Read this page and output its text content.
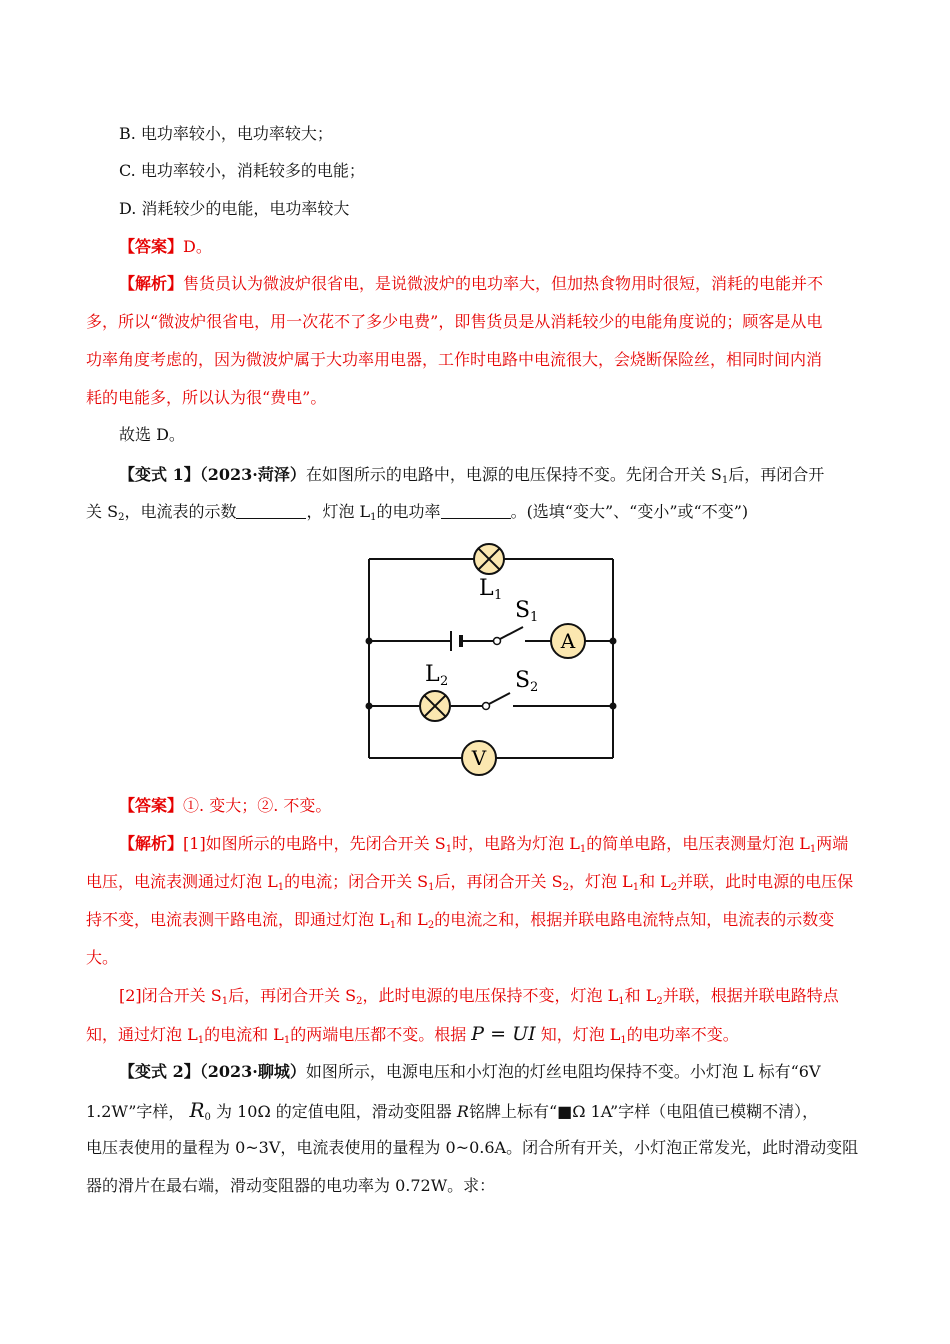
B. 电功率较小，电功率较大；
C. 电功率较小，消耗较多的电能；
D. 消耗较少的电能，电功率较大
【答案】D。
【解析】售货员认为微波炉很省电，是说微波炉的电功率大，但加热食物用时很短，消耗的电能并不
多，所以“微波炉很省电，用一次花不了多少电费”，即售货员是从消耗较少的电能角度说的；顾客是从电
功率角度考虑的，因为微波炉属于大功率用电器，工作时电路中电流很大，会烧断保险丝，相同时间内消
耗的电能多，所以认为很“费电”。
故选 D。
【变式 1】（2023·菏泽）在如图所示的电路中，电源的电压保持不变。先闭合开关 $S_1$后，再闭合开
关 $S_2$，电流表的示数	，灯泡 $L_1$的电功率	。(选填“变大”、“变小”或“不变”)
A
V
L 1
S 1
L 2	S 2
【答案】①. 变大；②. 不变。
【解析】[1]如图所示的电路中，先闭合开关 $S_1$时，电路为灯泡 $L_1$的简单电路，电压表测量灯泡 $L_1$两端
电压，电流表测通过灯泡 $L_1$的电流；闭合开关 $S_1$后，再闭合开关 $S_2$，灯泡 $L_1$和 $L_2$并联，此时电源的电压保
持不变，电流表测干路电流，即通过灯泡 $L_1$和 $L_2$的电流之和，根据并联电路电流特点知，电流表的示数变
大。
[2]闭合开关 $S_1$后，再闭合开关 $S_2$，此时电源的电压保持不变，灯泡 $L_1$和 $L_2$并联，根据并联电路特点
知，通过灯泡 $L_1$的电流和 $L_1$的两端电压都不变。根据 P = UI 知，灯泡 $L_1$的电功率不变。
【变式 2】（2023·聊城）如图所示，电源电压和小灯泡的灯丝电阻均保持不变。小灯泡 L 标有“6V
1.2W”字样， $R_0$ 为 10Ω 的定值电阻，滑动变阻器 R铭牌上标有“■Ω 1A”字样（电阻值已模糊不清），
电压表使用的量程为 0~3V，电流表使用的量程为 0~0.6A。闭合所有开关，小灯泡正常发光，此时滑动变阻
器的滑片在最右端，滑动变阻器的电功率为 0.72W。求：
